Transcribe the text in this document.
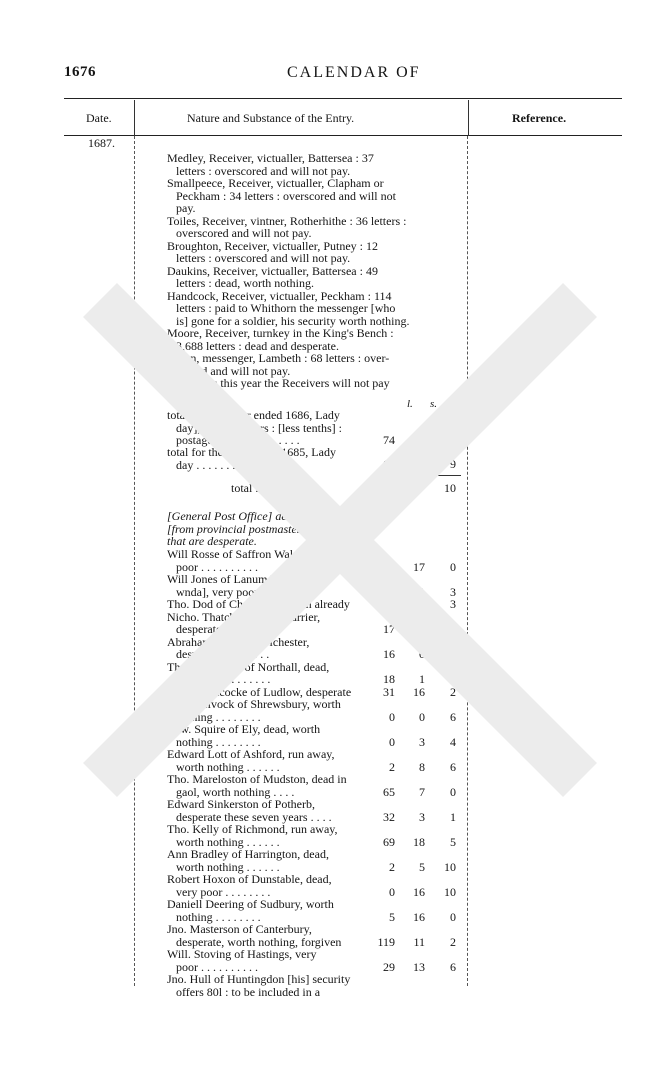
1676	CALENDAR OF
Date.	Nature and Substance of the Entry.	Reference.
1687.

Medley, Receiver, victualler, Battersea : 37
letters : overscored and will not pay.

Smallpeece, Receiver, victualler, Clapham or
Peckham : 34 letters : overscored and will not
pay.

Toiles, Receiver, vintner, Rotherhithe : 36 letters :
overscored and will not pay.

Broughton, Receiver, victualler, Putney : 12
letters : overscored and will not pay.

Daukins, Receiver, victualler, Battersea : 49
letters : dead, worth nothing.

Handcock, Receiver, victualler, Peckham : 114
letters : paid to Whithorn the messenger [who
is] gone for a soldier, his security worth nothing.

Moore, Receiver, turnkey in the King's Bench :
3,688 letters : dead and desperate.

Clynn, messenger, Lambeth : 68 letters : over-
scored and will not pay.

odd letters this year the Receivers will not pay
for, 857.

l. s. d.
total [for the year ended 1686, Lady
day], 17,893 letters : [less tenths] :
postage thereon . . . . . . . .	74 11 1
total for the year ended 1685, Lady
day . . . . . . . . . . . .	67 16 9
total . . . . . . . . . .	£142 7 10
[General Post Office] debts due to the King [from provincial postmasters, being debts] that are desperate.
Will Rosse of Saffron Walden, very
poor . . . . . . . . . .	46 17 0
Will Jones of Lanumdocury [Llan-
wnda], very poor . . . . . .	6 11 3
Tho. Dod of Chester, forgiven already	396 12 3
Nicho. Thatcher, a letter carrier,
desperate . . . . . . . .	17 9 1
Abraham Volat of Colchester,
desperate . . . . . . . .	16 0 0
Tho. Roadmain of Northall, dead,
very poor . . . . . . . .	18 1 8
Koch Hichcocke of Ludlow, desperate	31 16 2
Jno. Shelvock of Shrewsbury, worth
nothing . . . . . . . .	0 0 6
Edw. Squire of Ely, dead, worth
nothing . . . . . . . .	0 3 4
Edward Lott of Ashford, run away,
worth nothing . . . . . .	2 8 6
Tho. Mareloston of Mudston, dead in
gaol, worth nothing . . . .	65 7 0
Edward Sinkerston of Potherb,
desperate these seven years . . . .	32 3 1
Tho. Kelly of Richmond, run away,
worth nothing . . . . . .	69 18 5
Ann Bradley of Harrington, dead,
worth nothing . . . . . .	2 5 10
Robert Hoxon of Dunstable, dead,
very poor . . . . . . . .	0 16 10
Daniell Deering of Sudbury, worth
nothing . . . . . . . .	5 16 0
Jno. Masterson of Canterbury,
desperate, worth nothing, forgiven	119 11 2
Will. Stoving of Hastings, very
poor . . . . . . . . . .	29 13 6
Jno. Hull of Huntingdon [his] security
offers 80l : to be included in a
